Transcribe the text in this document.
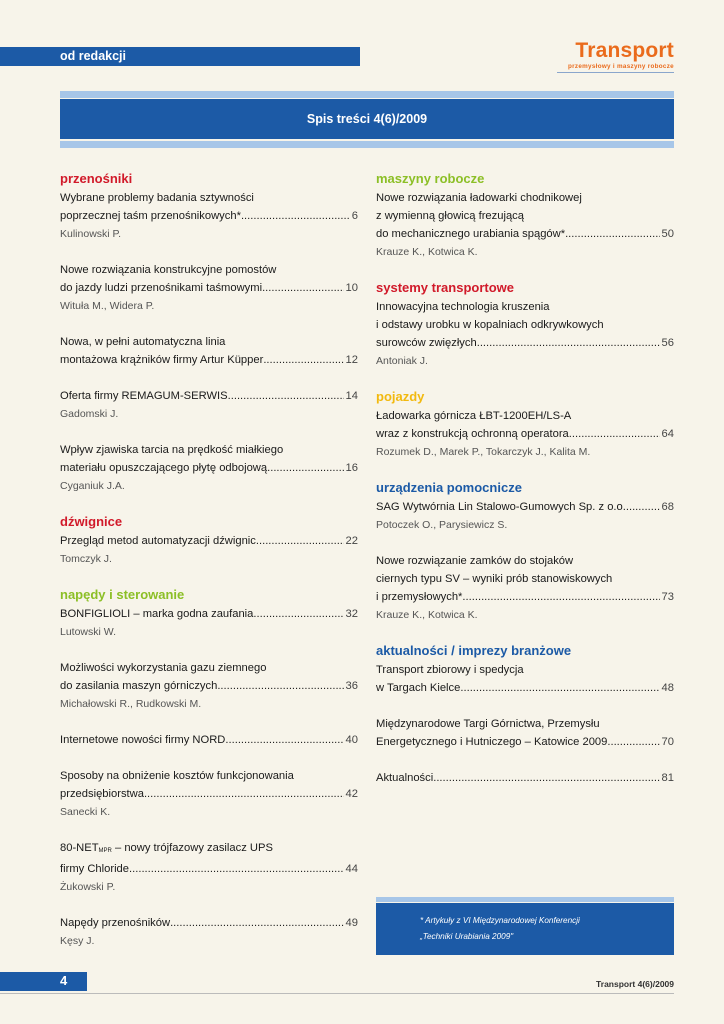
od redakcji	Transport
przemysłowy i maszyny robocze
Spis treści 4(6)/2009
przenośniki
Wybrane problemy badania sztywności
poprzecznej taśm przenośnikowych* .....	6
Kulinowski P.
Nowe rozwiązania konstrukcyjne pomostów
do jazdy ludzi przenośnikami taśmowymi .....	10
Wituła M., Widera P.
Nowa, w pełni automatyczna linia
montażowa krążników firmy Artur Küpper .....	12
Oferta firmy REMAGUM-SERWIS .....	14
Gadomski J.
Wpływ zjawiska tarcia na prędkość miałkiego
materiału opuszczającego płytę odbojową .....	16
Cyganiuk J.A.
dźwignice
Przegląd metod automatyzacji dźwignic .....	22
Tomczyk J.
napędy i sterowanie
BONFIGLIOLI – marka godna zaufania .....	32
Lutowski W.
Możliwości wykorzystania gazu ziemnego
do zasilania maszyn górniczych .....	36
Michałowski R., Rudkowski M.
Internetowe nowości firmy NORD .....	40
Sposoby na obniżenie kosztów funkcjonowania
przedsiębiorstwa .....	42
Sanecki K.
$80-NET_{MPR}$ – nowy trójfazowy zasilacz UPS
firmy Chloride .....	44
Żukowski P.
Napędy przenośników .....	49
Kęsy J.
maszyny robocze
Nowe rozwiązania ładowarki chodnikowej
z wymienną głowicą frezującą
do mechanicznego urabiania spągów* .....	50
Krauze K., Kotwica K.
systemy transportowe
Innowacyjna technologia kruszenia
i odstawy urobku w kopalniach odkrywkowych
surowców zwięzłych .....	56
Antoniak J.
pojazdy
Ładowarka górnicza ŁBT-1200EH/LS-A
wraz z konstrukcją ochronną operatora .....	64
Rozumek D., Marek P., Tokarczyk J., Kalita M.
urządzenia pomocnicze
SAG Wytwórnia Lin Stalowo-Gumowych Sp. z o.o. .....	68
Potoczek O., Parysiewicz S.
Nowe rozwiązanie zamków do stojaków
ciernych typu SV – wyniki prób stanowiskowych
i przemysłowych* .....	73
Krauze K., Kotwica K.
aktualności / imprezy branżowe
Transport zbiorowy i spedycja
w Targach Kielce .....	48
Międzynarodowe Targi Górnictwa, Przemysłu
Energetycznego i Hutniczego – Katowice 2009 .....	70
Aktualności .....	81
* Artykuły z VI Międzynarodowej Konferencji
„Techniki Urabiania 2009"
4	Transport 4(6)/2009
